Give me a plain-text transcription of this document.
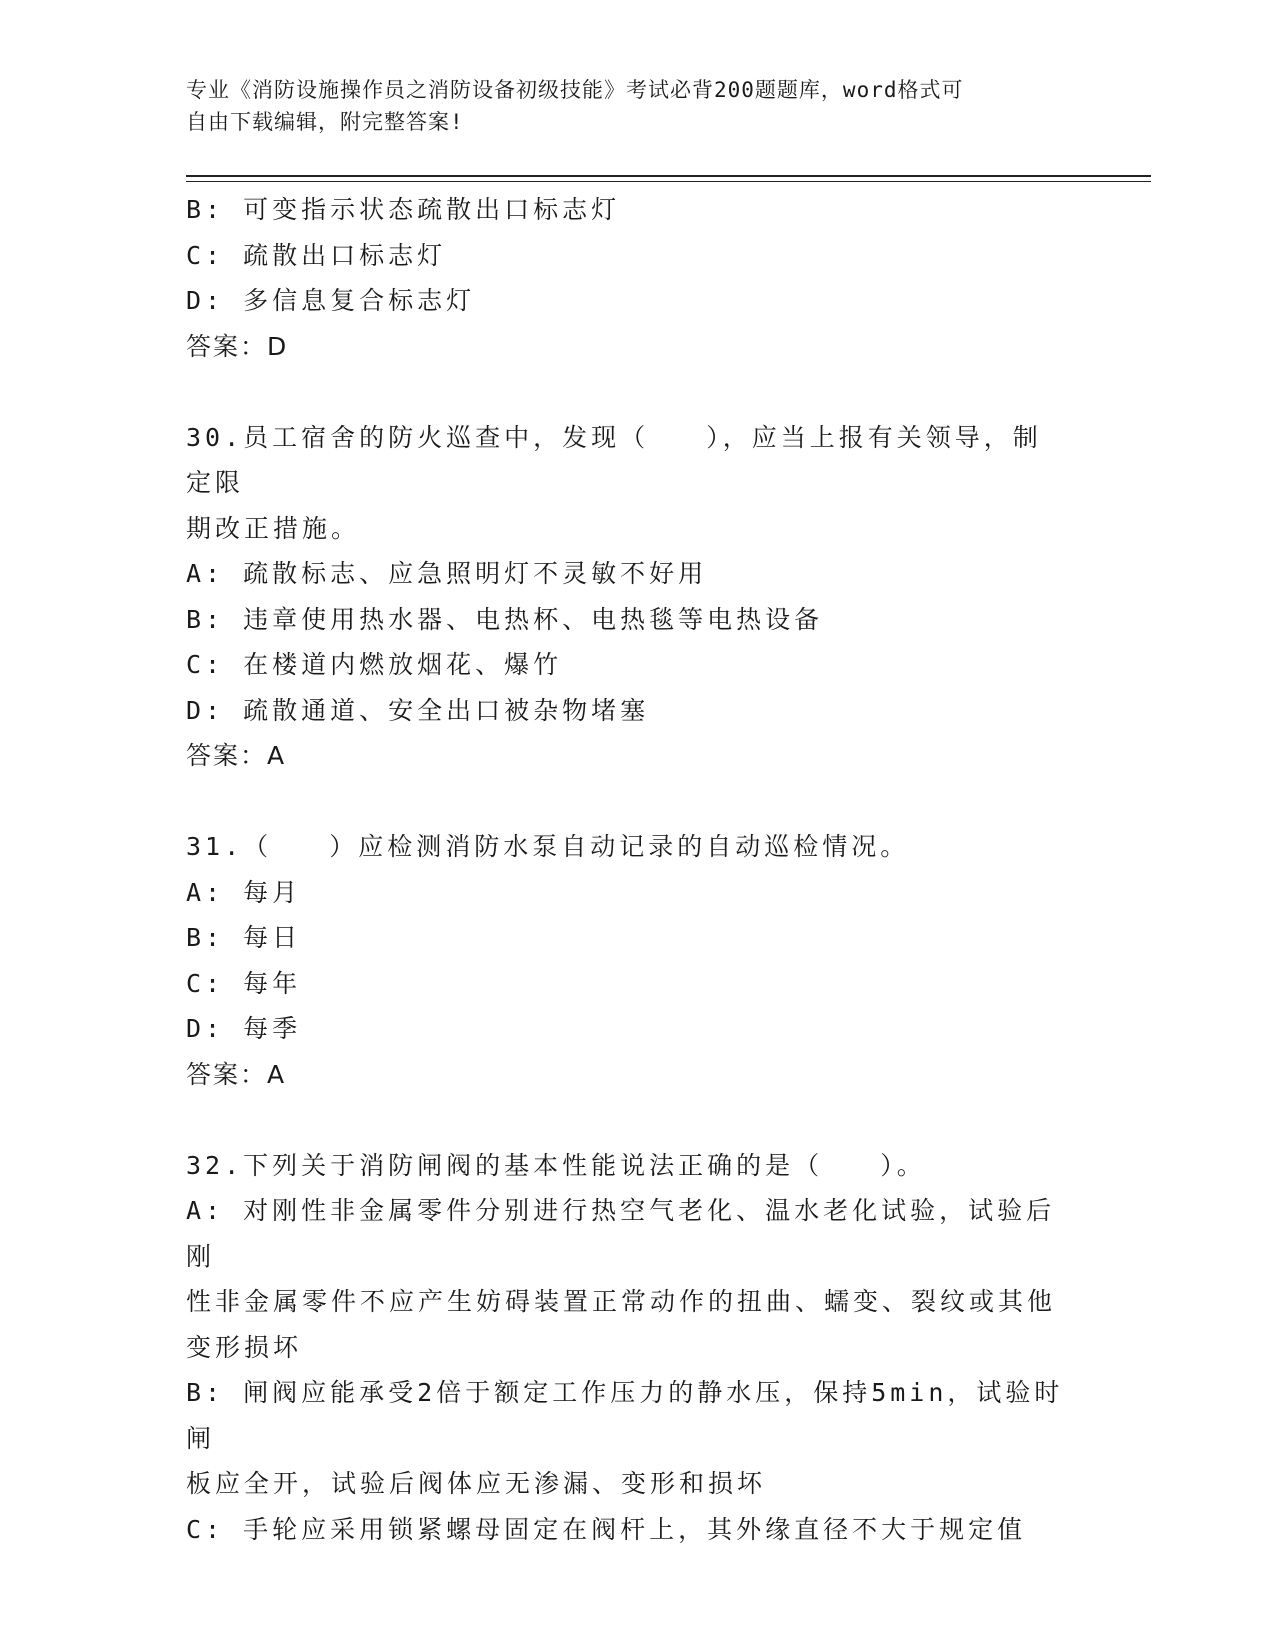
专业《消防设施操作员之消防设备初级技能》考试必背200题题库，word格式可
自由下载编辑，附完整答案!
B: 可变指示状态疏散出口标志灯
C: 疏散出口标志灯
D: 多信息复合标志灯
答案：D
30.员工宿舍的防火巡查中，发现（   ），应当上报有关领导，制定限
期改正措施。
A: 疏散标志、应急照明灯不灵敏不好用
B: 违章使用热水器、电热杯、电热毯等电热设备
C: 在楼道内燃放烟花、爆竹
D: 疏散通道、安全出口被杂物堵塞
答案：A
31.（   ）应检测消防水泵自动记录的自动巡检情况。
A: 每月
B: 每日
C: 每年
D: 每季
答案：A
32.下列关于消防闸阀的基本性能说法正确的是（   ）。
A: 对刚性非金属零件分别进行热空气老化、温水老化试验，试验后刚
性非金属零件不应产生妨碍装置正常动作的扭曲、蠕变、裂纹或其他
变形损坏
B: 闸阀应能承受2倍于额定工作压力的静水压，保持5min，试验时闸
板应全开，试验后阀体应无渗漏、变形和损坏
C: 手轮应采用锁紧螺母固定在阀杆上，其外缘直径不大于规定值
